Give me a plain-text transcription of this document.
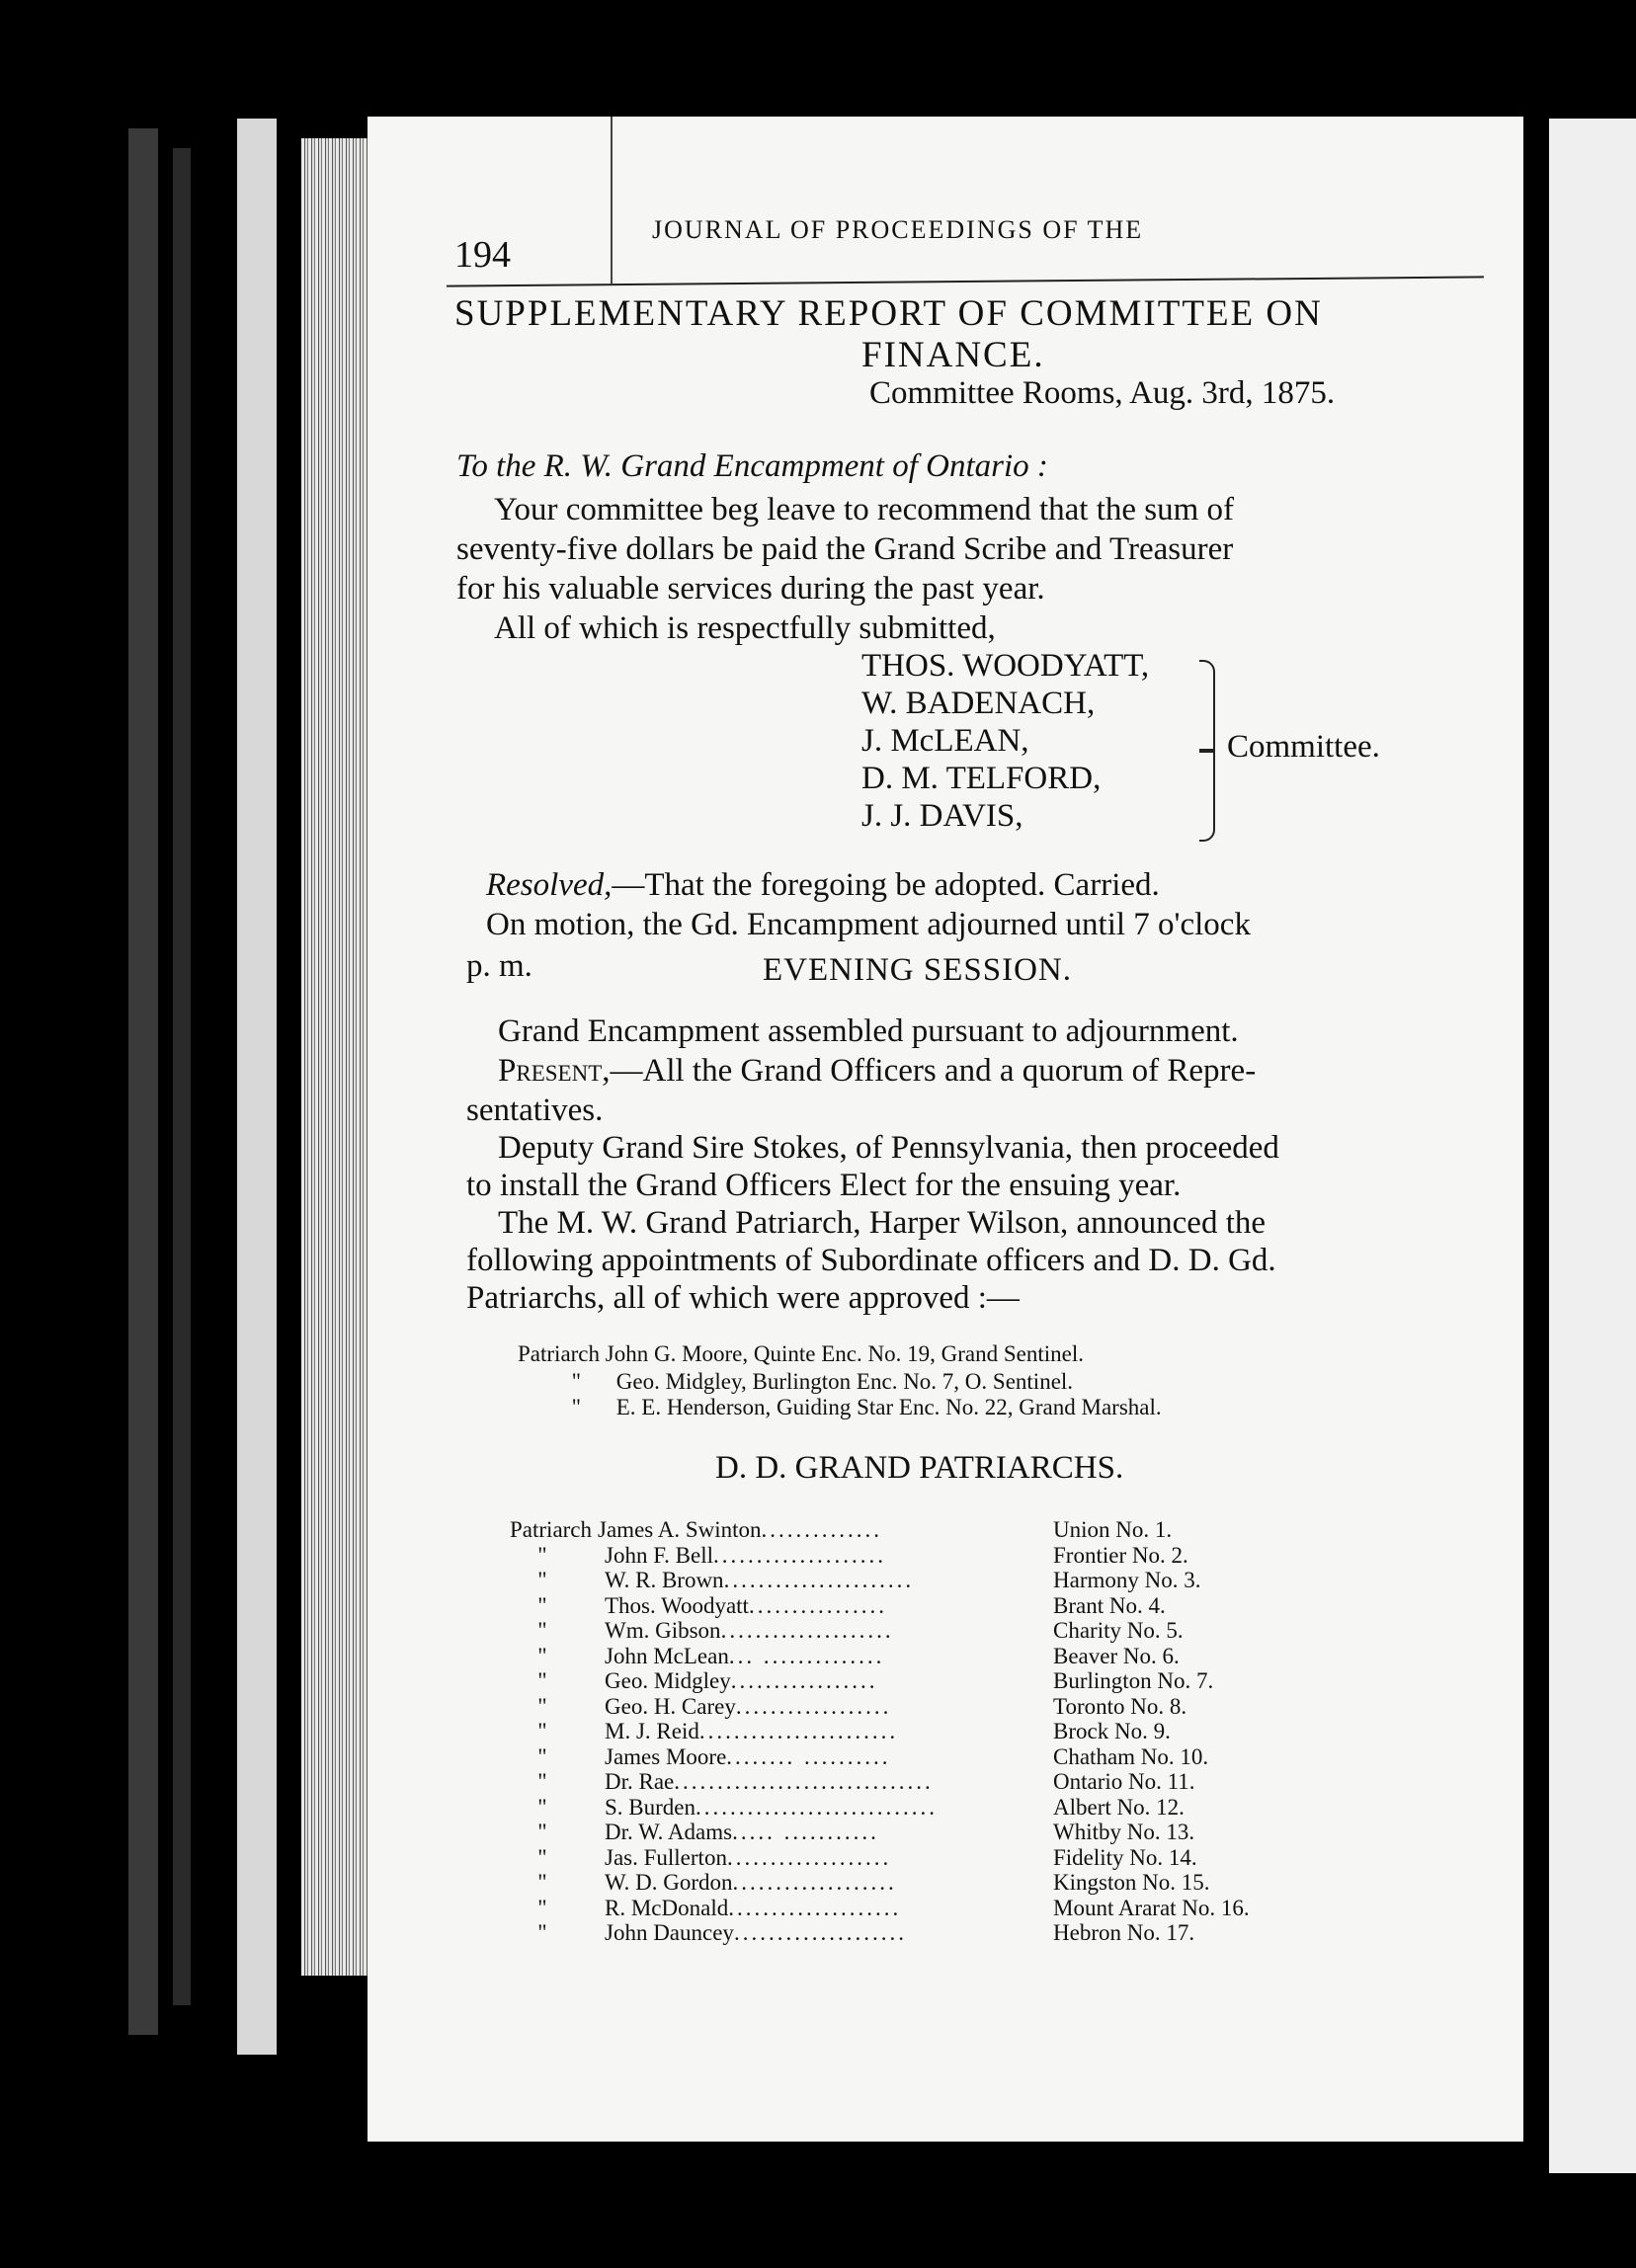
194
JOURNAL OF PROCEEDINGS OF THE
SUPPLEMENTARY REPORT OF COMMITTEE ON
FINANCE.
Committee Rooms, Aug. 3rd, 1875.
To the R. W. Grand Encampment of Ontario :
Your committee beg leave to recommend that the sum of
seventy-five dollars be paid the Grand Scribe and Treasurer
for his valuable services during the past year.
All of which is respectfully submitted,
THOS. WOODYATT,
W. BADENACH,
J. McLEAN,
D. M. TELFORD,
J. J. DAVIS,
Committee.
Resolved,—That the foregoing be adopted. Carried.
On motion, the Gd. Encampment adjourned until 7 o'clock
p. m.	EVENING SESSION.
Grand Encampment assembled pursuant to adjournment.
Present,—All the Grand Officers and a quorum of Repre-
sentatives.
Deputy Grand Sire Stokes, of Pennsylvania, then proceeded
to install the Grand Officers Elect for the ensuing year.
The M. W. Grand Patriarch, Harper Wilson, announced the
following appointments of Subordinate officers and D. D. Gd.
Patriarchs, all of which were approved :—
Patriarch John G. Moore, Quinte Enc. No. 19, Grand Sentinel.
" Geo. Midgley, Burlington Enc. No. 7, O. Sentinel.
" E. E. Henderson, Guiding Star Enc. No. 22, Grand Marshal.
D. D. GRAND PATRIARCHS.
Patriarch James A. Swinton..............	Union No. 1.
"	John F. Bell....................	Frontier No. 2.
"	W. R. Brown......................	Harmony No. 3.
"	Thos. Woodyatt................	Brant No. 4.
"	Wm. Gibson....................	Charity No. 5.
"	John McLean... ..............	Beaver No. 6.
"	Geo. Midgley.................	Burlington No. 7.
"	Geo. H. Carey..................	Toronto No. 8.
"	M. J. Reid.......................	Brock No. 9.
"	James Moore........ ..........	Chatham No. 10.
"	Dr. Rae..............................	Ontario No. 11.
"	S. Burden............................	Albert No. 12.
"	Dr. W. Adams..... ...........	Whitby No. 13.
"	Jas. Fullerton...................	Fidelity No. 14.
"	W. D. Gordon...................	Kingston No. 15.
"	R. McDonald....................	Mount Ararat No. 16.
"	John Dauncey....................	Hebron No. 17.
